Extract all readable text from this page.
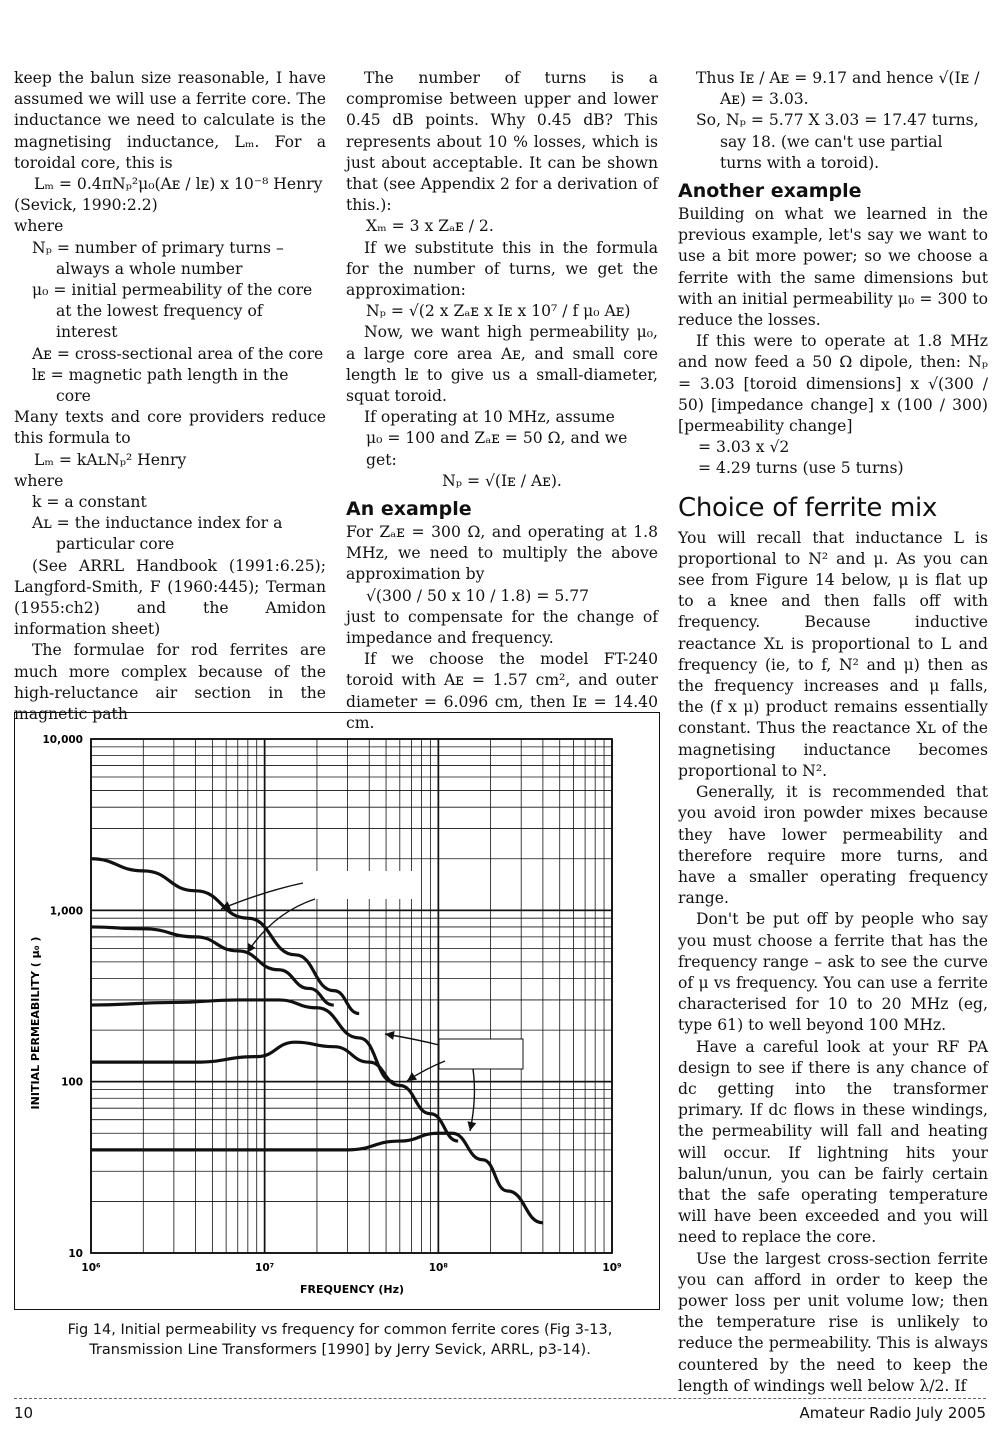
keep the balun size reasonable, I have assumed we will use a ferrite core. The inductance we need to calculate is the magnetising inductance, Lₘ. For a toroidal core, this is

Lₘ = 0.4πNₚ²μ₀(Aᴇ / lᴇ) x 10⁻⁸ Henry

(Sevick, 1990:2.2)

where

Nₚ = number of primary turns – always a whole number

μ₀ = initial permeability of the core at the lowest frequency of interest

Aᴇ = cross-sectional area of the core

lᴇ = magnetic path length in the core

Many texts and core providers reduce this formula to

Lₘ = kAʟNₚ² Henry

where

k = a constant

Aʟ = the inductance index for a particular core

(See ARRL Handbook (1991:6.25); Langford-Smith, F (1960:445); Terman (1955:ch2) and the Amidon information sheet)

The formulae for rod ferrites are much more complex because of the high-reluctance air section in the magnetic path

The number of turns is a compromise between upper and lower 0.45 dB points. Why 0.45 dB? This represents about 10 % losses, which is just about acceptable. It can be shown that (see Appendix 2 for a derivation of this.):

Xₘ = 3 x Zₐᴇ / 2.

If we substitute this in the formula for the number of turns, we get the approximation:

Nₚ = √(2 x Zₐᴇ x Iᴇ x 10⁷ / f μ₀ Aᴇ)

Now, we want high permeability μ₀, a large core area Aᴇ, and small core length lᴇ to give us a small-diameter, squat toroid.

If operating at 10 MHz, assume

μ₀ = 100 and Zₐᴇ = 50 Ω, and we get:

Nₚ = √(Iᴇ / Aᴇ).

An example

For Zₐᴇ = 300 Ω, and operating at 1.8 MHz, we need to multiply the above approximation by

√(300 / 50 x 10 / 1.8) = 5.77

just to compensate for the change of impedance and frequency.

If we choose the model FT-240 toroid with Aᴇ = 1.57 cm², and outer diameter = 6.096 cm, then Iᴇ = 14.40 cm.

Thus Iᴇ / Aᴇ = 9.17 and hence √(Iᴇ / Aᴇ) = 3.03.

So, Nₚ = 5.77 X 3.03 = 17.47 turns, say 18. (we can't use partial turns with a toroid).

Another example

Building on what we learned in the previous example, let's say we want to use a bit more power; so we choose a ferrite with the same dimensions but with an initial permeability μ₀ = 300 to reduce the losses.

If this were to operate at 1.8 MHz and now feed a 50 Ω dipole, then: Nₚ = 3.03 [toroid dimensions] x √(300 / 50) [impedance change] x (100 / 300) [permeability change]

= 3.03 x √2

= 4.29 turns (use 5 turns)

Choice of ferrite mix

You will recall that inductance L is proportional to N² and μ. As you can see from Figure 14 below, μ is flat up to a knee and then falls off with frequency. Because inductive reactance Xʟ is proportional to L and frequency (ie, to f, N² and μ) then as the frequency increases and μ falls, the (f x μ) product remains essentially constant. Thus the reactance Xʟ of the magnetising inductance becomes proportional to N².

Generally, it is recommended that you avoid iron powder mixes because they have lower permeability and therefore require more turns, and have a smaller operating frequency range.

Don't be put off by people who say you must choose a ferrite that has the frequency range – ask to see the curve of μ vs frequency. You can use a ferrite characterised for 10 to 20 MHz (eg, type 61) to well beyond 100 MHz.

Have a careful look at your RF PA design to see if there is any chance of dc getting into the transformer primary. If dc flows in these windings, the permeability will fall and heating will occur. If lightning hits your balun/unun, you can be fairly certain that the safe operating temperature will have been exceeded and you will need to replace the core.

Use the largest cross-section ferrite you can afford in order to keep the power loss per unit volume low; then the temperature rise is unlikely to reduce the permeability. This is always countered by the need to keep the length of windings well below λ/2. If

10,000
1,000
100
10
10⁶	10⁷	10⁸	10⁹
INITIAL PERMEABILITY ( μ₀ )
FREQUENCY (Hz)
Fig 14, Initial permeability vs frequency for common ferrite cores (Fig 3-13, Transmission Line Transformers [1990] by Jerry Sevick, ARRL, p3-14).
10	Amateur Radio July 2005
